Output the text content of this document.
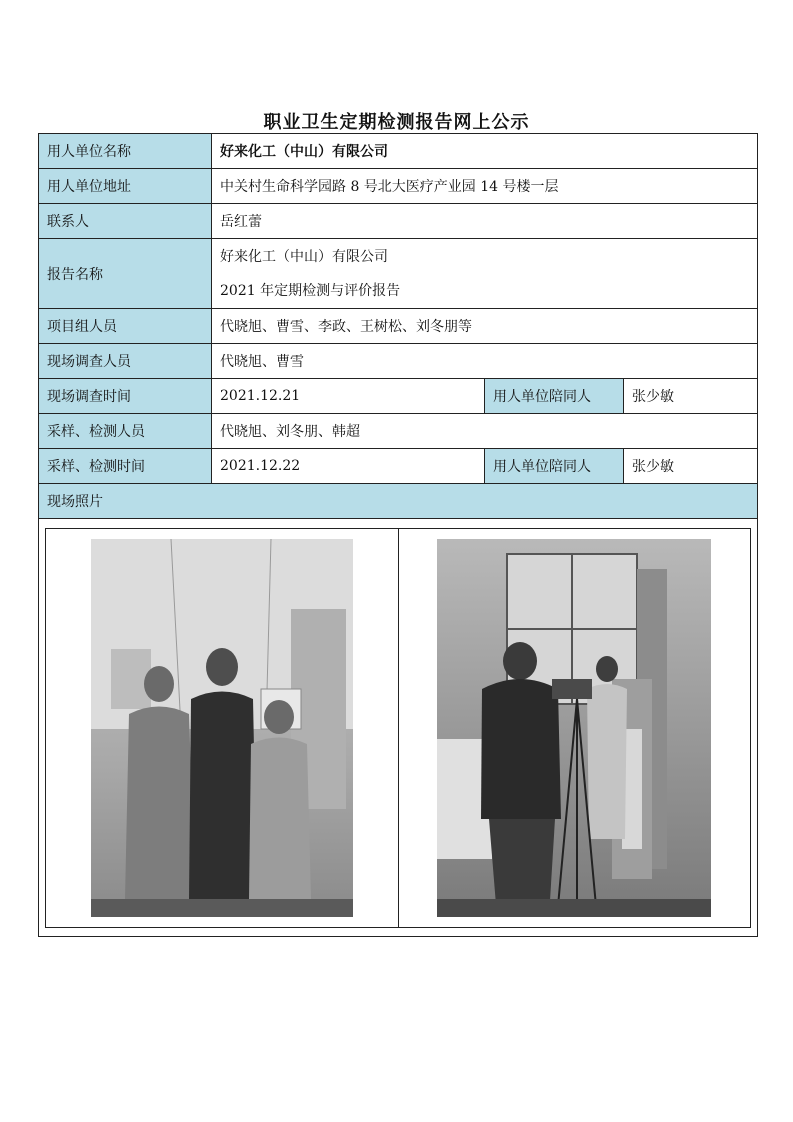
职业卫生定期检测报告网上公示
用人单位名称	好来化工（中山）有限公司		
用人单位地址	中关村生命科学园路 8 号北大医疗产业园 14 号楼一层		
联系人	岳红蕾		
报告名称	好来化工（中山）有限公司
2021 年定期检测与评价报告		

项目组人员	代晓旭、曹雪、李政、王树松、刘冬朋等		
现场调查人员	代晓旭、曹雪		
现场调查时间	2021.12.21	用人单位陪同人	张少敏
采样、检测人员	代晓旭、刘冬朋、韩超		
采样、检测时间	2021.12.22	用人单位陪同人	张少敏
现场照片			
